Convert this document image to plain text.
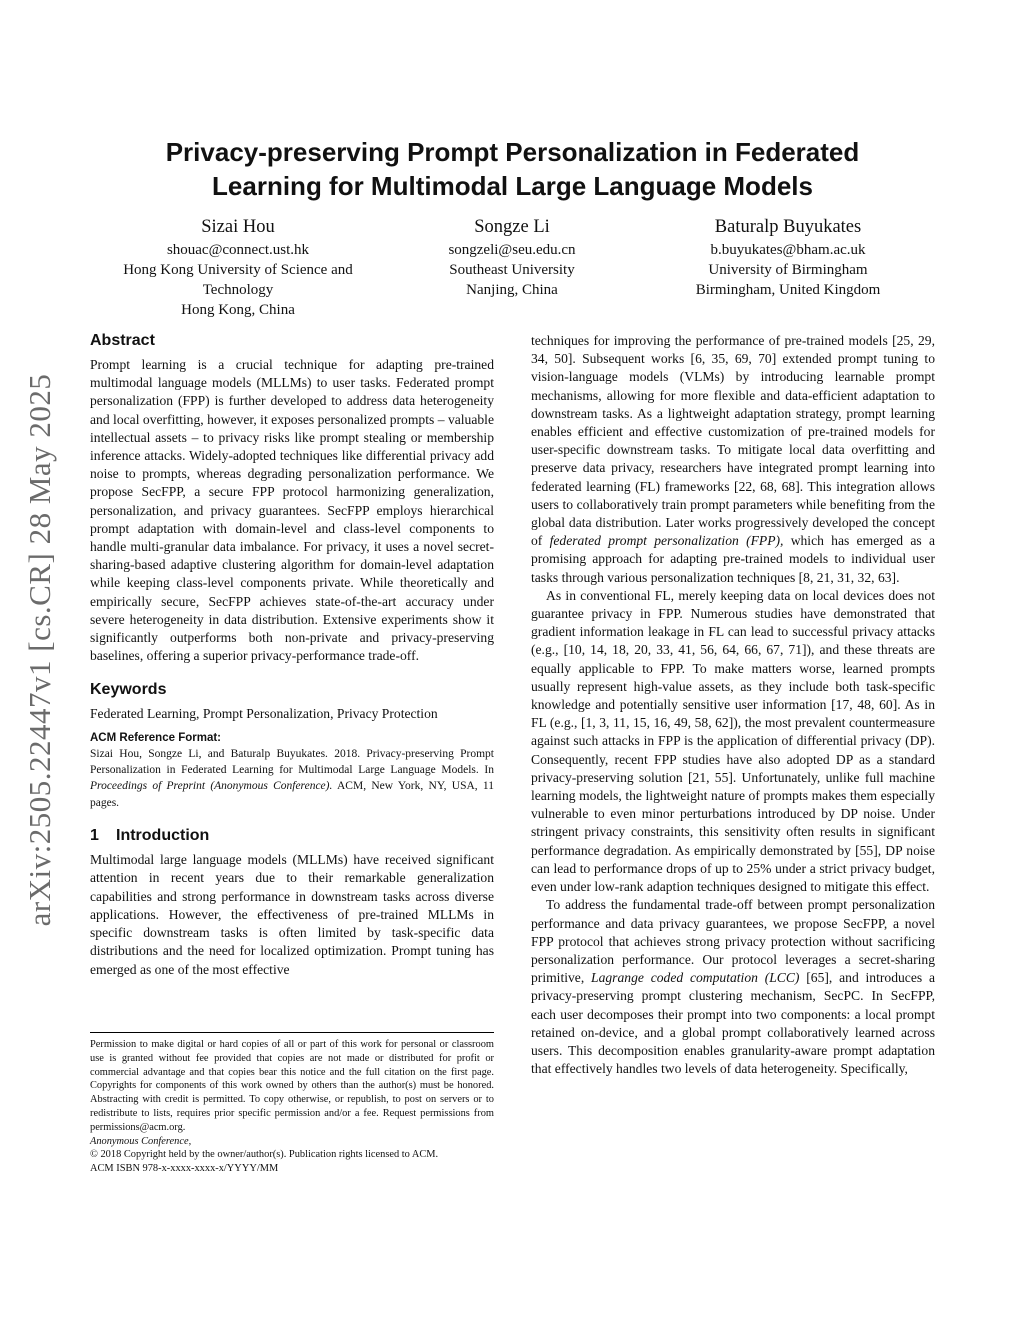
arXiv:2505.22447v1 [cs.CR] 28 May 2025
Privacy-preserving Prompt Personalization in Federated
Learning for Multimodal Large Language Models
Sizai Hou
shouac@connect.ust.hk
Hong Kong University of Science and
Technology
Hong Kong, China
Songze Li
songzeli@seu.edu.cn
Southeast University
Nanjing, China
Baturalp Buyukates
b.buyukates@bham.ac.uk
University of Birmingham
Birmingham, United Kingdom
Abstract

Prompt learning is a crucial technique for adapting pre-trained multimodal language models (MLLMs) to user tasks. Federated prompt personalization (FPP) is further developed to address data heterogeneity and local overfitting, however, it exposes personalized prompts – valuable intellectual assets – to privacy risks like prompt stealing or membership inference attacks. Widely-adopted techniques like differential privacy add noise to prompts, whereas degrading personalization performance. We propose SecFPP, a secure FPP protocol harmonizing generalization, personalization, and privacy guarantees. SecFPP employs hierarchical prompt adaptation with domain-level and class-level components to handle multi-granular data imbalance. For privacy, it uses a novel secret-sharing-based adaptive clustering algorithm for domain-level adaptation while keeping class-level components private. While theoretically and empirically secure, SecFPP achieves state-of-the-art accuracy under severe heterogeneity in data distribution. Extensive experiments show it significantly outperforms both non-private and privacy-preserving baselines, offering a superior privacy-performance trade-off.

Keywords

Federated Learning, Prompt Personalization, Privacy Protection

ACM Reference Format:

Sizai Hou, Songze Li, and Baturalp Buyukates. 2018. Privacy-preserving Prompt Personalization in Federated Learning for Multimodal Large Language Models. In Proceedings of Preprint (Anonymous Conference). ACM, New York, NY, USA, 11 pages.

1 Introduction

Multimodal large language models (MLLMs) have received significant attention in recent years due to their remarkable generalization capabilities and strong performance in downstream tasks across diverse applications. However, the effectiveness of pre-trained MLLMs in specific downstream tasks is often limited by task-specific data distributions and the need for localized optimization. Prompt tuning has emerged as one of the most effective

Permission to make digital or hard copies of all or part of this work for personal or classroom use is granted without fee provided that copies are not made or distributed for profit or commercial advantage and that copies bear this notice and the full citation on the first page. Copyrights for components of this work owned by others than the author(s) must be honored. Abstracting with credit is permitted. To copy otherwise, or republish, to post on servers or to redistribute to lists, requires prior specific permission and/or a fee. Request permissions from permissions@acm.org.

Anonymous Conference,

© 2018 Copyright held by the owner/author(s). Publication rights licensed to ACM.

ACM ISBN 978-x-xxxx-xxxx-x/YYYY/MM

techniques for improving the performance of pre-trained models [25, 29, 34, 50]. Subsequent works [6, 35, 69, 70] extended prompt tuning to vision-language models (VLMs) by introducing learnable prompt mechanisms, allowing for more flexible and data-efficient adaptation to downstream tasks. As a lightweight adaptation strategy, prompt learning enables efficient and effective customization of pre-trained models for user-specific downstream tasks. To mitigate local data overfitting and preserve data privacy, researchers have integrated prompt learning into federated learning (FL) frameworks [22, 68, 68]. This integration allows users to collaboratively train prompt parameters while benefiting from the global data distribution. Later works progressively developed the concept of federated prompt personalization (FPP), which has emerged as a promising approach for adapting pre-trained models to individual user tasks through various personalization techniques [8, 21, 31, 32, 63].

As in conventional FL, merely keeping data on local devices does not guarantee privacy in FPP. Numerous studies have demonstrated that gradient information leakage in FL can lead to successful privacy attacks (e.g., [10, 14, 18, 20, 33, 41, 56, 64, 66, 67, 71]), and these threats are equally applicable to FPP. To make matters worse, learned prompts usually represent high-value assets, as they include both task-specific knowledge and potentially sensitive user information [17, 48, 60]. As in FL (e.g., [1, 3, 11, 15, 16, 49, 58, 62]), the most prevalent countermeasure against such attacks in FPP is the application of differential privacy (DP). Consequently, recent FPP studies have also adopted DP as a standard privacy-preserving solution [21, 55]. Unfortunately, unlike full machine learning models, the lightweight nature of prompts makes them especially vulnerable to even minor perturbations introduced by DP noise. Under stringent privacy constraints, this sensitivity often results in significant performance degradation. As empirically demonstrated by [55], DP noise can lead to performance drops of up to 25% under a strict privacy budget, even under low-rank adaption techniques designed to mitigate this effect.

To address the fundamental trade-off between prompt personalization performance and data privacy guarantees, we propose SecFPP, a novel FPP protocol that achieves strong privacy protection without sacrificing personalization performance. Our protocol leverages a secret-sharing primitive, Lagrange coded computation (LCC) [65], and introduces a privacy-preserving prompt clustering mechanism, SecPC. In SecFPP, each user decomposes their prompt into two components: a local prompt retained on-device, and a global prompt collaboratively learned across users. This decomposition enables granularity-aware prompt adaptation that effectively handles two levels of data heterogeneity. Specifically,
